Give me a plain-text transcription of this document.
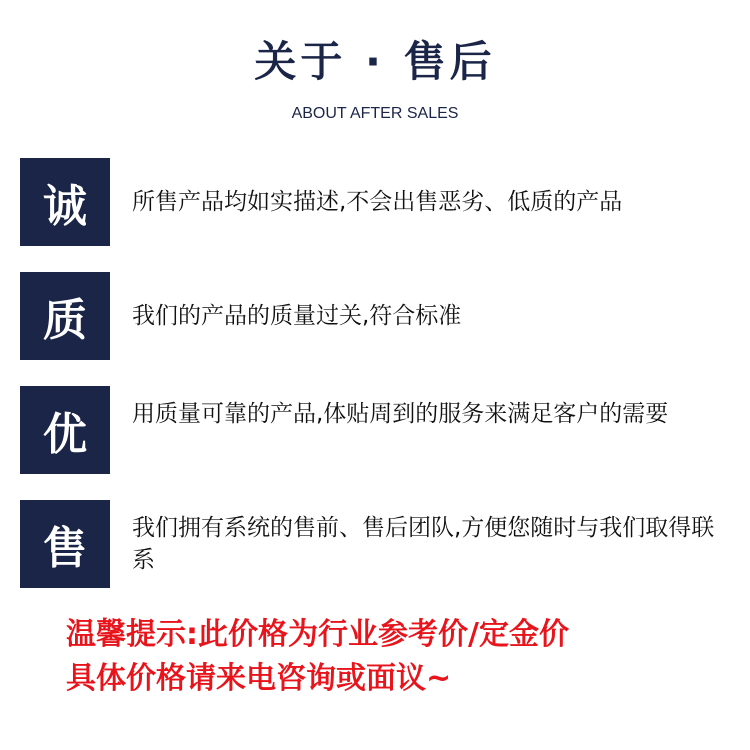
关于 · 售后
ABOUT AFTER SALES
诚	所售产品均如实描述,不会出售恶劣、低质的产品
质	我们的产品的质量过关,符合标准
优	用质量可靠的产品,体贴周到的服务来满足客户的需要
售	我们拥有系统的售前、售后团队,方便您随时与我们取得联系
温馨提示:此价格为行业参考价/定金价
具体价格请来电咨询或面议~
